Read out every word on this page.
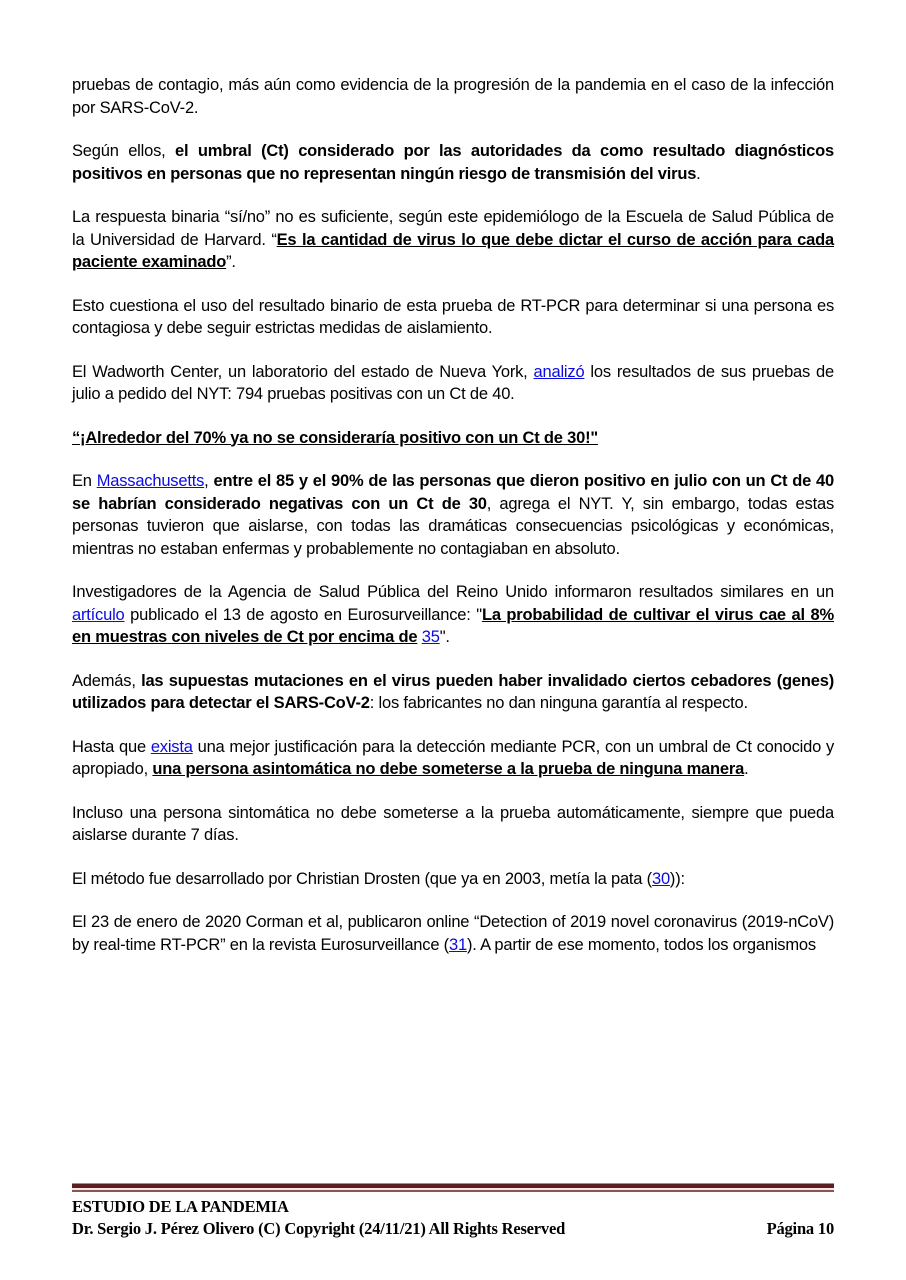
pruebas de contagio, más aún como evidencia de la progresión de la pandemia en el caso de la infección por SARS-CoV-2.

Según ellos, el umbral (Ct) considerado por las autoridades da como resultado diagnósticos positivos en personas que no representan ningún riesgo de transmisión del virus.

La respuesta binaria “sí/no” no es suficiente, según este epidemiólogo de la Escuela de Salud Pública de la Universidad de Harvard. “Es la cantidad de virus lo que debe dictar el curso de acción para cada paciente examinado”.

Esto cuestiona el uso del resultado binario de esta prueba de RT-PCR para determinar si una persona es contagiosa y debe seguir estrictas medidas de aislamiento.

El Wadworth Center, un laboratorio del estado de Nueva York, analizó los resultados de sus pruebas de julio a pedido del NYT: 794 pruebas positivas con un Ct de 40.

“¡Alrededor del 70% ya no se consideraría positivo con un Ct de 30!"

En Massachusetts, entre el 85 y el 90% de las personas que dieron positivo en julio con un Ct de 40 se habrían considerado negativas con un Ct de 30, agrega el NYT. Y, sin embargo, todas estas personas tuvieron que aislarse, con todas las dramáticas consecuencias psicológicas y económicas, mientras no estaban enfermas y probablemente no contagiaban en absoluto.

Investigadores de la Agencia de Salud Pública del Reino Unido informaron resultados similares en un artículo publicado el 13 de agosto en Eurosurveillance: "La probabilidad de cultivar el virus cae al 8% en muestras con niveles de Ct por encima de 35".

Además, las supuestas mutaciones en el virus pueden haber invalidado ciertos cebadores (genes) utilizados para detectar el SARS-CoV-2: los fabricantes no dan ninguna garantía al respecto.

Hasta que exista una mejor justificación para la detección mediante PCR, con un umbral de Ct conocido y apropiado, una persona asintomática no debe someterse a la prueba de ninguna manera.

Incluso una persona sintomática no debe someterse a la prueba automáticamente, siempre que pueda aislarse durante 7 días.

El método fue desarrollado por Christian Drosten (que ya en 2003, metía la pata (30)):

El 23 de enero de 2020 Corman et al, publicaron online “Detection of 2019 novel coronavirus (2019-nCoV) by real-time RT-PCR” en la revista Eurosurveillance (31). A partir de ese momento, todos los organismos

ESTUDIO DE LA PANDEMIA
Dr. Sergio J. Pérez Olivero (C) Copyright (24/11/21) All Rights Reserved	Página 10
